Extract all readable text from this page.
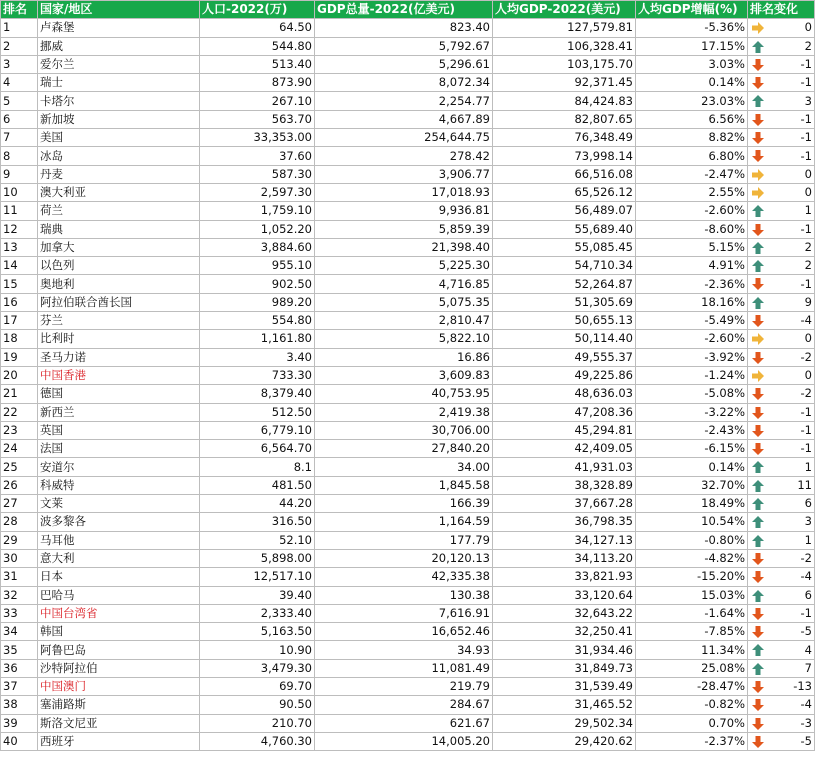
排名	国家/地区	人口-2022(万)	GDP总量-2022(亿美元)	人均GDP-2022(美元)	人均GDP增幅(%)	排名变化
1	卢森堡	64.50	823.40	127,579.81	-5.36%	0
2	挪威	544.80	5,792.67	106,328.41	17.15%	2
3	爱尔兰	513.40	5,296.61	103,175.70	3.03%	-1
4	瑞士	873.90	8,072.34	92,371.45	0.14%	-1
5	卡塔尔	267.10	2,254.77	84,424.83	23.03%	3
6	新加坡	563.70	4,667.89	82,807.65	6.56%	-1
7	美国	33,353.00	254,644.75	76,348.49	8.82%	-1
8	冰岛	37.60	278.42	73,998.14	6.80%	-1
9	丹麦	587.30	3,906.77	66,516.08	-2.47%	0
10	澳大利亚	2,597.30	17,018.93	65,526.12	2.55%	0
11	荷兰	1,759.10	9,936.81	56,489.07	-2.60%	1
12	瑞典	1,052.20	5,859.39	55,689.40	-8.60%	-1
13	加拿大	3,884.60	21,398.40	55,085.45	5.15%	2
14	以色列	955.10	5,225.30	54,710.34	4.91%	2
15	奥地利	902.50	4,716.85	52,264.87	-2.36%	-1
16	阿拉伯联合酋长国	989.20	5,075.35	51,305.69	18.16%	9
17	芬兰	554.80	2,810.47	50,655.13	-5.49%	-4
18	比利时	1,161.80	5,822.10	50,114.40	-2.60%	0
19	圣马力诺	3.40	16.86	49,555.37	-3.92%	-2
20	中国香港	733.30	3,609.83	49,225.86	-1.24%	0
21	德国	8,379.40	40,753.95	48,636.03	-5.08%	-2
22	新西兰	512.50	2,419.38	47,208.36	-3.22%	-1
23	英国	6,779.10	30,706.00	45,294.81	-2.43%	-1
24	法国	6,564.70	27,840.20	42,409.05	-6.15%	-1
25	安道尔	8.1	34.00	41,931.03	0.14%	1
26	科威特	481.50	1,845.58	38,328.89	32.70%	11
27	文莱	44.20	166.39	37,667.28	18.49%	6
28	波多黎各	316.50	1,164.59	36,798.35	10.54%	3
29	马耳他	52.10	177.79	34,127.13	-0.80%	1
30	意大利	5,898.00	20,120.13	34,113.20	-4.82%	-2
31	日本	12,517.10	42,335.38	33,821.93	-15.20%	-4
32	巴哈马	39.40	130.38	33,120.64	15.03%	6
33	中国台湾省	2,333.40	7,616.91	32,643.22	-1.64%	-1
34	韩国	5,163.50	16,652.46	32,250.41	-7.85%	-5
35	阿鲁巴岛	10.90	34.93	31,934.46	11.34%	4
36	沙特阿拉伯	3,479.30	11,081.49	31,849.73	25.08%	7
37	中国澳门	69.70	219.79	31,539.49	-28.47%	-13
38	塞浦路斯	90.50	284.67	31,465.52	-0.82%	-4
39	斯洛文尼亚	210.70	621.67	29,502.34	0.70%	-3
40	西班牙	4,760.30	14,005.20	29,420.62	-2.37%	-5
